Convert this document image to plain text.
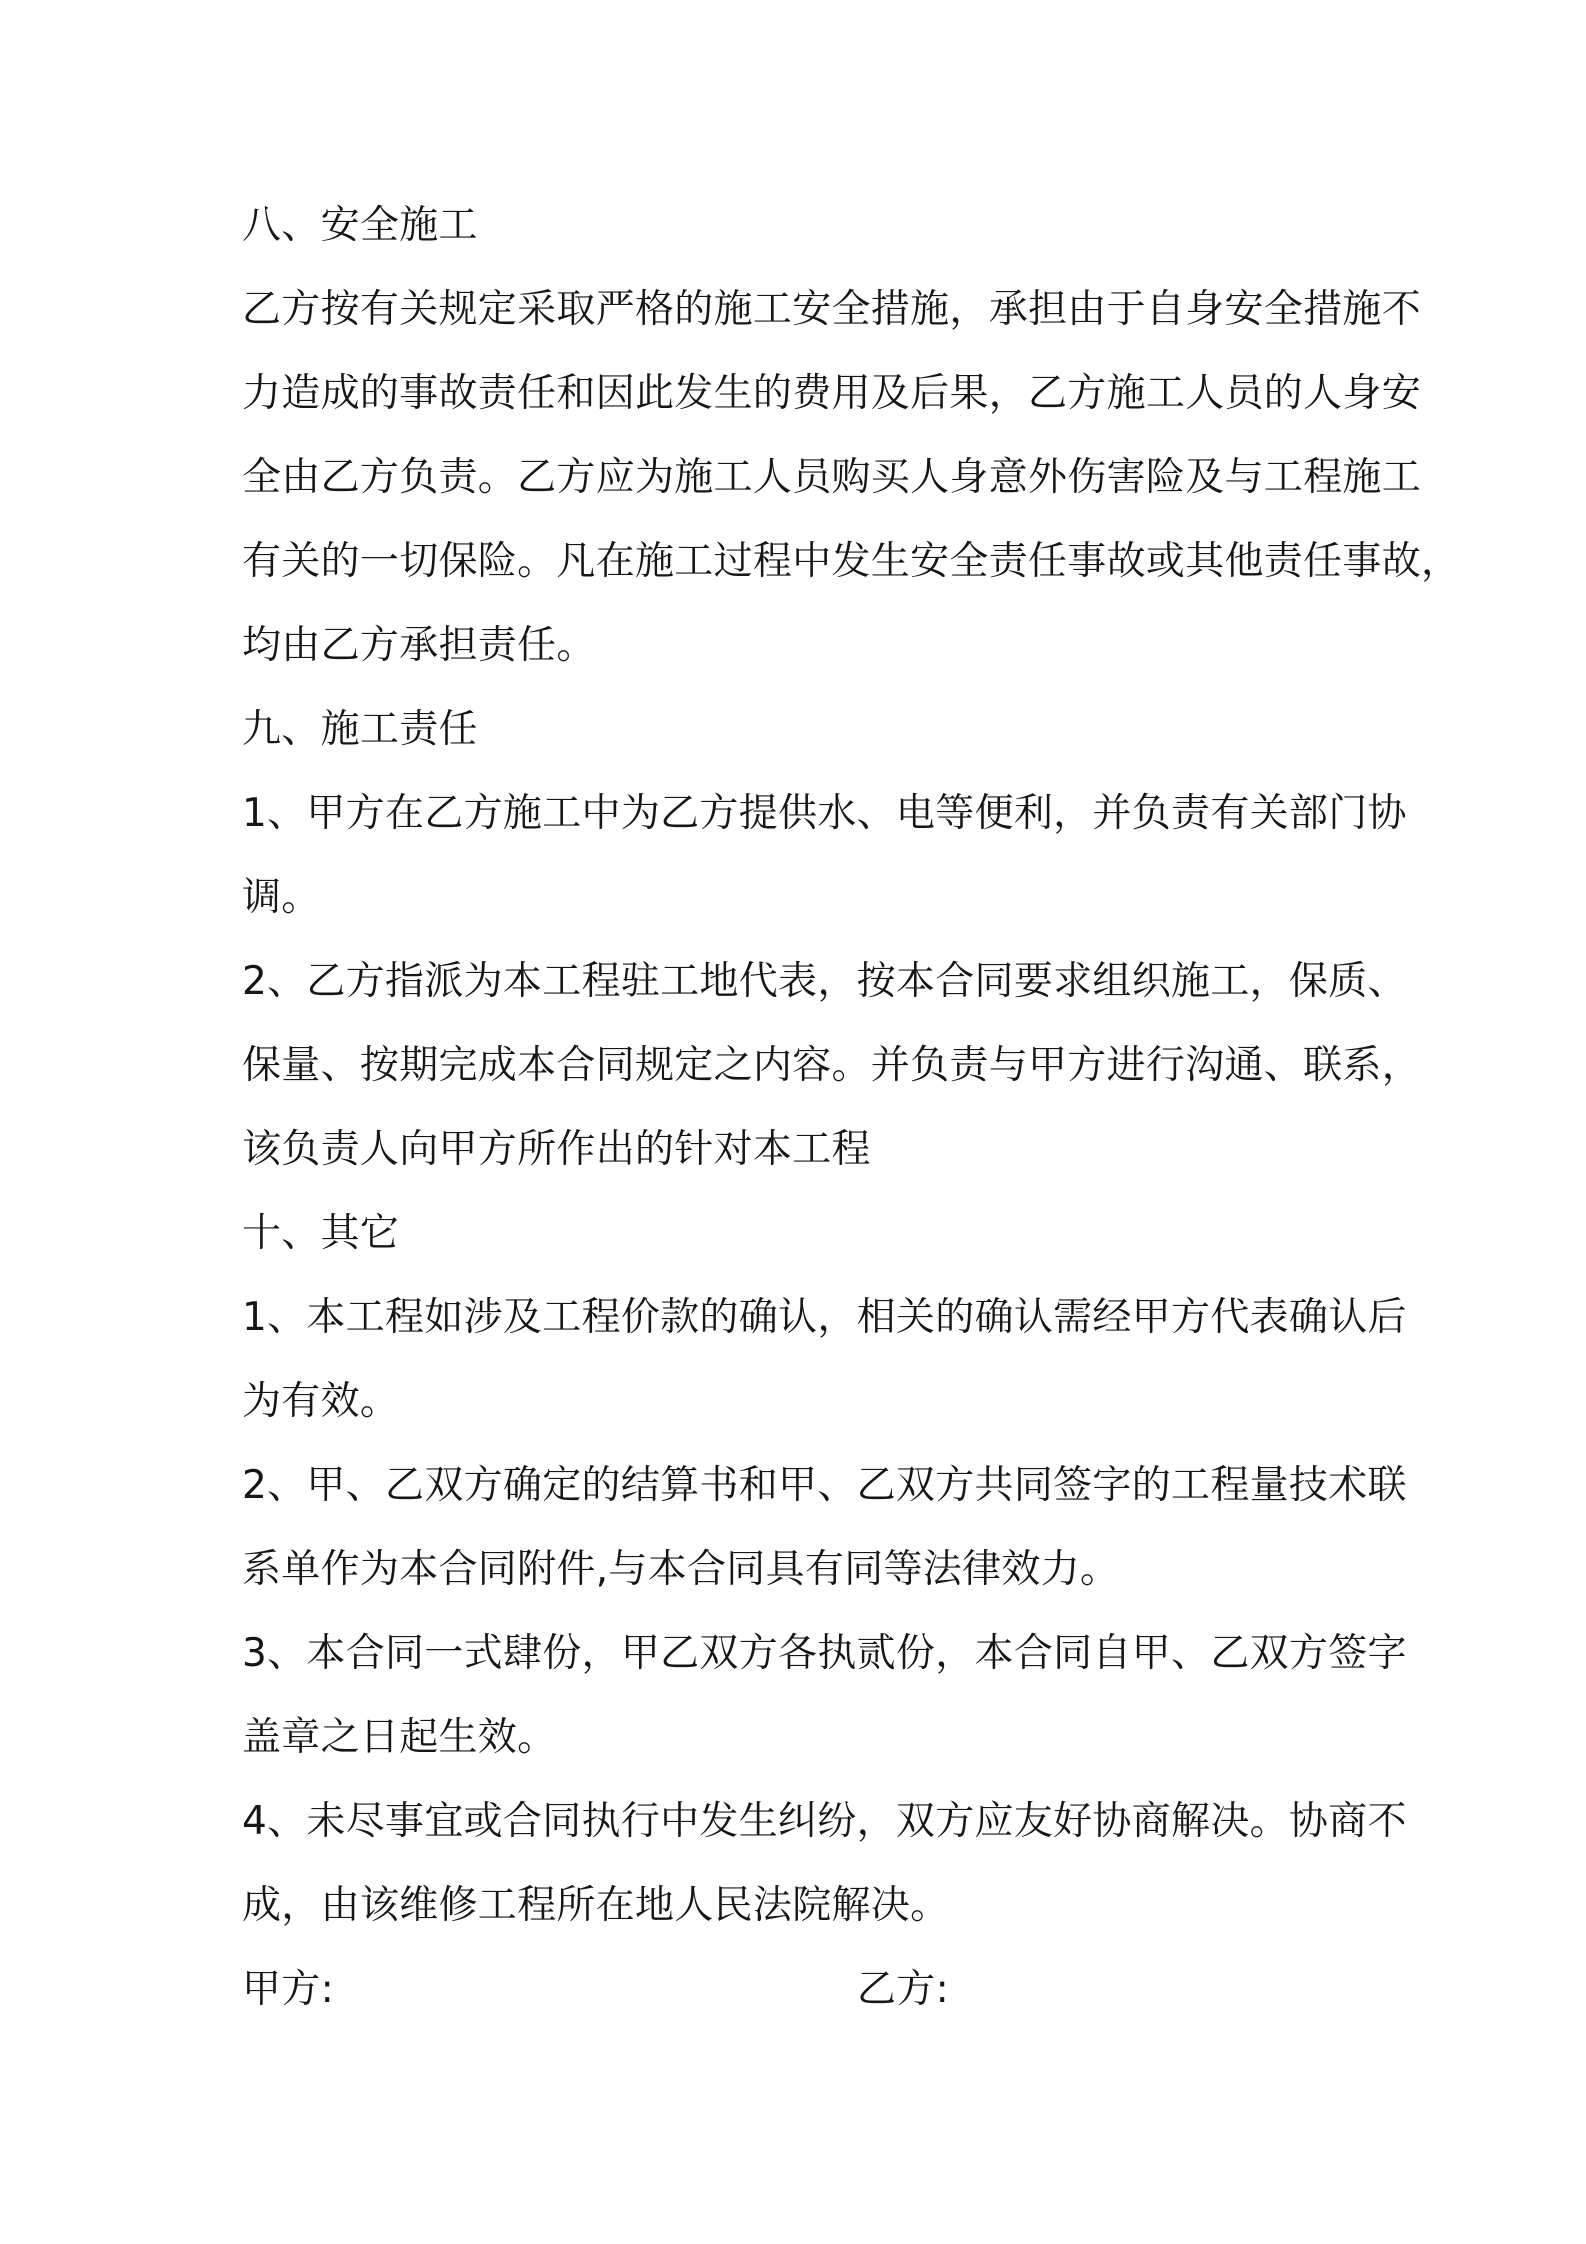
八、安全施工
乙方按有关规定采取严格的施工安全措施，承担由于自身安全措施不
力造成的事故责任和因此发生的费用及后果，乙方施工人员的人身安
全由乙方负责。乙方应为施工人员购买人身意外伤害险及与工程施工
有关的一切保险。凡在施工过程中发生安全责任事故或其他责任事故，
均由乙方承担责任。
九、施工责任
1、甲方在乙方施工中为乙方提供水、电等便利，并负责有关部门协
调。
2、乙方指派为本工程驻工地代表，按本合同要求组织施工，保质、
保量、按期完成本合同规定之内容。并负责与甲方进行沟通、联系，
该负责人向甲方所作出的针对本工程
十、其它
1、本工程如涉及工程价款的确认，相关的确认需经甲方代表确认后
为有效。
2、甲、乙双方确定的结算书和甲、乙双方共同签字的工程量技术联
系单作为本合同附件,与本合同具有同等法律效力。
3、本合同一式肆份，甲乙双方各执贰份，本合同自甲、乙双方签字
盖章之日起生效。
4、未尽事宜或合同执行中发生纠纷，双方应友好协商解决。协商不
成，由该维修工程所在地人民法院解决。
甲方:	乙方:
